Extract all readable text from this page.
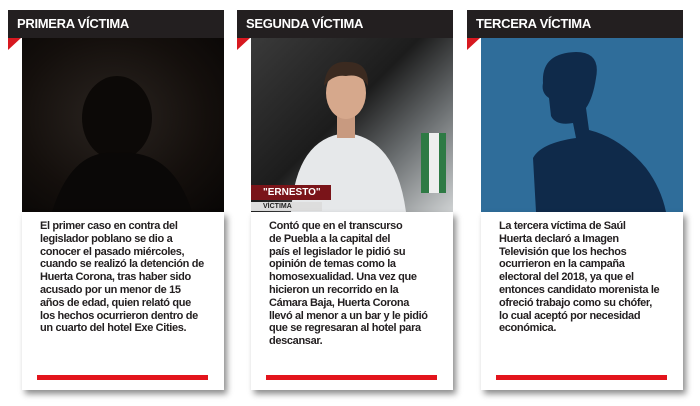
PRIMERA VÍCTIMA
El primer caso en contra del
legislador poblano se dio a
conocer el pasado miércoles,
cuando se realizó la detención de
Huerta Corona, tras haber sido
acusado por un menor de 15
años de edad, quien relató que
los hechos ocurrieron dentro de
un cuarto del hotel Exe Cities.
SEGUNDA VÍCTIMA
"ERNESTO"
VÍCTIMA
Contó que en el transcurso
de Puebla a la capital del
país el legislador le pidió su
opinión de temas como la
homosexualidad. Una vez que
hicieron un recorrido en la
Cámara Baja, Huerta Corona
llevó al menor a un bar y le pidió
que se regresaran al hotel para
descansar.
TERCERA VÍCTIMA
La tercera víctima de Saúl
Huerta declaró a Imagen
Televisión que los hechos
ocurrieron en la campaña
electoral del 2018, ya que el
entonces candidato morenista le
ofreció trabajo como su chófer,
lo cual aceptó por necesidad
económica.
